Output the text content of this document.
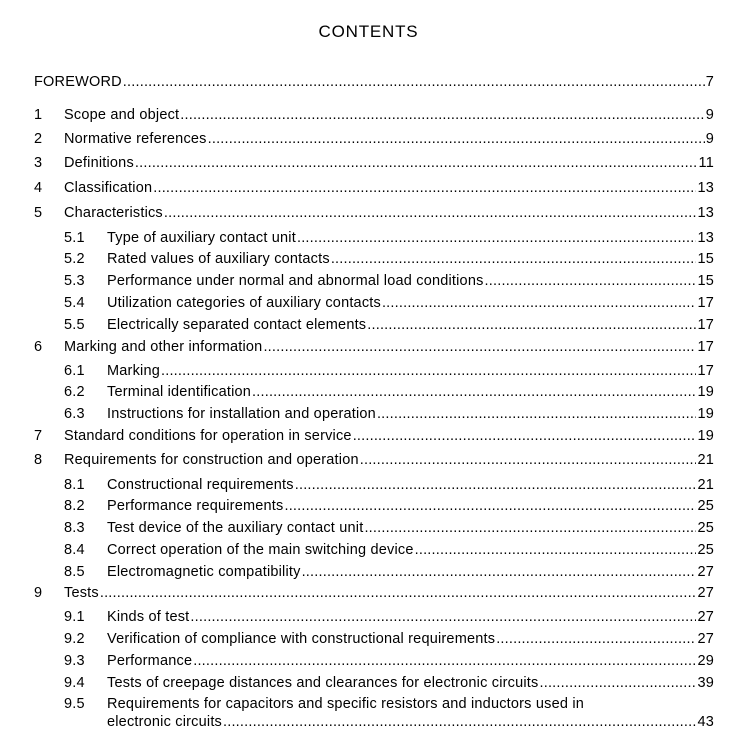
CONTENTS
FOREWORD .....	7
1 Scope and object .....	9
2 Normative references .....	9
3 Definitions .....	11
4 Classification .....	13
5 Characteristics .....	13
5.1 Type of auxiliary contact unit .....	13
5.2 Rated values of auxiliary contacts .....	15
5.3 Performance under normal and abnormal load conditions .....	15
5.4 Utilization categories of auxiliary contacts .....	17
5.5 Electrically separated contact elements .....	17
6 Marking and other information .....	17
6.1 Marking .....	17
6.2 Terminal identification .....	19
6.3 Instructions for installation and operation .....	19
7 Standard conditions for operation in service .....	19
8 Requirements for construction and operation .....	21
8.1 Constructional requirements .....	21
8.2 Performance requirements .....	25
8.3 Test device of the auxiliary contact unit .....	25
8.4 Correct operation of the main switching device .....	25
8.5 Electromagnetic compatibility .....	27
9 Tests .....	27
9.1 Kinds of test .....	27
9.2 Verification of compliance with constructional requirements .....	27
9.3 Performance .....	29
9.4 Tests of creepage distances and clearances for electronic circuits .....	39
9.5 Requirements for capacitors and specific resistors and inductors used in
electronic circuits .....	43
